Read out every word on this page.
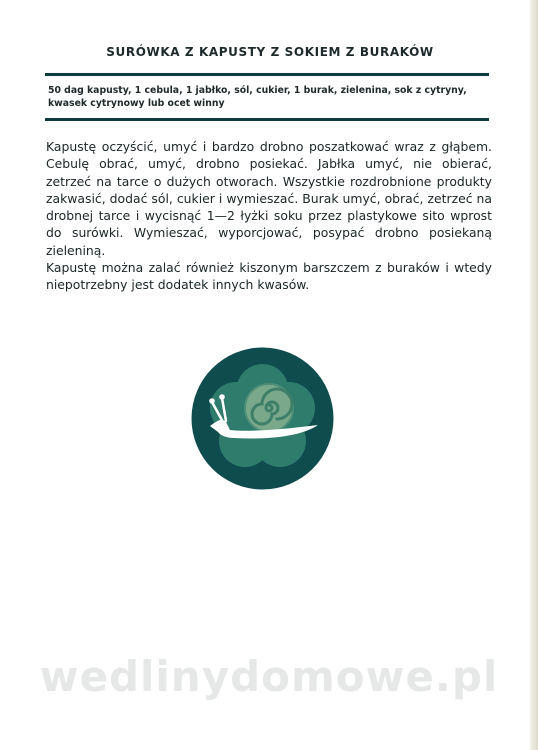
SURÓWKA Z KAPUSTY Z SOKIEM Z BURAKÓW
50 dag kapusty, 1 cebula, 1 jabłko, sól, cukier, 1 burak, zielenina, sok z cytryny, kwasek cytrynowy lub ocet winny

Kapustę oczyścić, umyć i bardzo drobno poszatkować wraz z głąbem. Cebulę obrać, umyć, drobno posiekać. Jabłka umyć, nie obierać, zetrzeć na tarce o dużych otworach. Wszystkie rozdrobnione produkty zakwasić, dodać sól, cukier i wymieszać. Burak umyć, obrać, zetrzeć na drobnej tarce i wycisnąć 1—2 łyżki soku przez plastykowe sito wprost do surówki. Wymieszać, wyporcjować, posypać drobno posiekaną zieleniną.

Kapustę można zalać również kiszonym barszczem z buraków i wtedy niepotrzebny jest dodatek innych kwasów.

wedlinydomowe.pl
